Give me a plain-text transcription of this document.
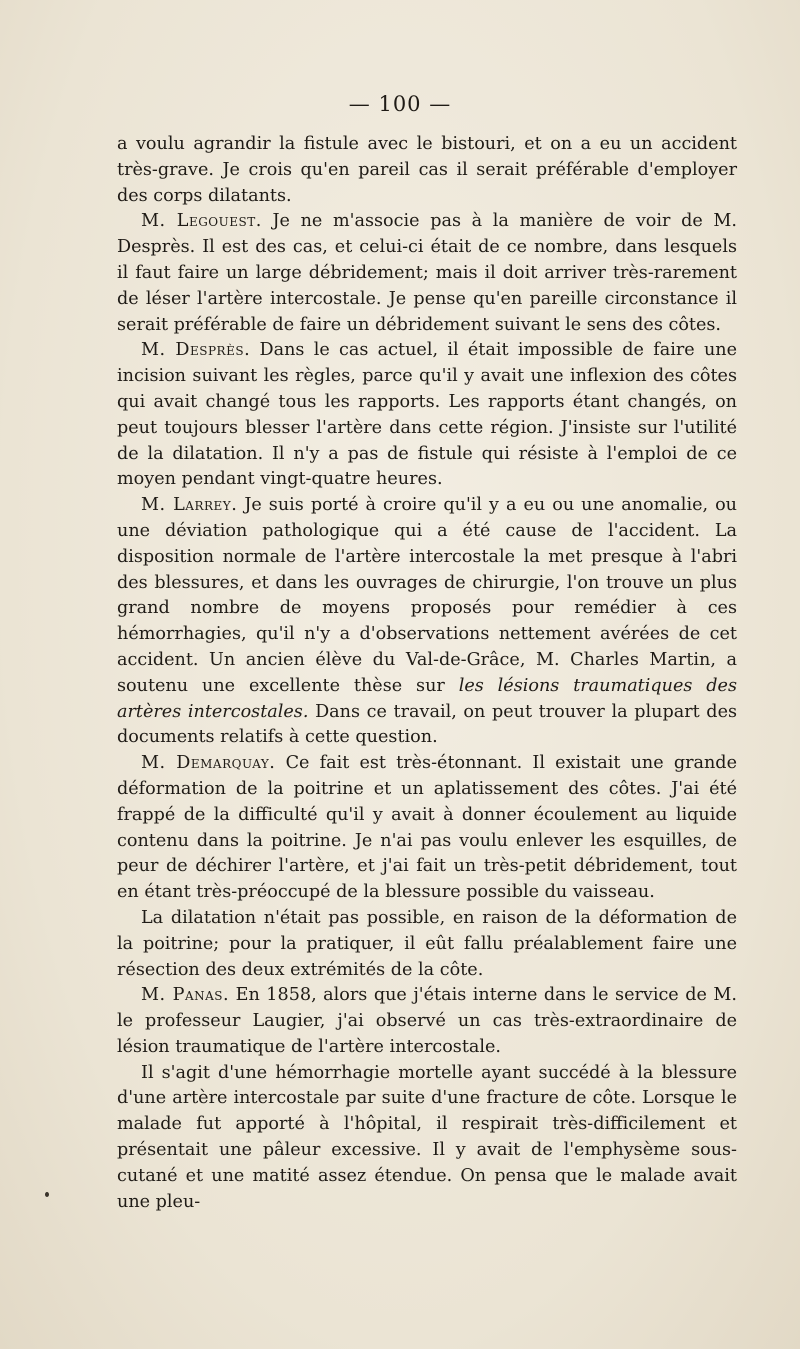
— 100 —

a voulu agrandir la fistule avec le bistouri, et on a eu un accident très-grave. Je crois qu'en pareil cas il serait préférable d'employer des corps dilatants.

M. Legouest. Je ne m'associe pas à la manière de voir de M. Desprès. Il est des cas, et celui-ci était de ce nombre, dans lesquels il faut faire un large débridement; mais il doit arriver très-rarement de léser l'artère intercostale. Je pense qu'en pareille circonstance il serait préférable de faire un débridement suivant le sens des côtes.

M. Desprès. Dans le cas actuel, il était impossible de faire une incision suivant les règles, parce qu'il y avait une inflexion des côtes qui avait changé tous les rapports. Les rapports étant changés, on peut toujours blesser l'artère dans cette région. J'insiste sur l'utilité de la dilatation. Il n'y a pas de fistule qui résiste à l'emploi de ce moyen pendant vingt-quatre heures.

M. Larrey. Je suis porté à croire qu'il y a eu ou une anomalie, ou une déviation pathologique qui a été cause de l'accident. La disposition normale de l'artère intercostale la met presque à l'abri des blessures, et dans les ouvrages de chirurgie, l'on trouve un plus grand nombre de moyens proposés pour remédier à ces hémorrhagies, qu'il n'y a d'observations nettement avérées de cet accident. Un ancien élève du Val-de-Grâce, M. Charles Martin, a soutenu une excellente thèse sur les lésions traumatiques des artères intercostales. Dans ce travail, on peut trouver la plupart des documents relatifs à cette question.

M. Demarquay. Ce fait est très-étonnant. Il existait une grande déformation de la poitrine et un aplatissement des côtes. J'ai été frappé de la difficulté qu'il y avait à donner écoulement au liquide contenu dans la poitrine. Je n'ai pas voulu enlever les esquilles, de peur de déchirer l'artère, et j'ai fait un très-petit débridement, tout en étant très-préoccupé de la blessure possible du vaisseau.

La dilatation n'était pas possible, en raison de la déformation de la poitrine; pour la pratiquer, il eût fallu préalablement faire une résection des deux extrémités de la côte.

M. Panas. En 1858, alors que j'étais interne dans le service de M. le professeur Laugier, j'ai observé un cas très-extraordinaire de lésion traumatique de l'artère intercostale.

Il s'agit d'une hémorrhagie mortelle ayant succédé à la blessure d'une artère intercostale par suite d'une fracture de côte. Lorsque le malade fut apporté à l'hôpital, il respirait très-difficilement et présentait une pâleur excessive. Il y avait de l'emphysème sous-cutané et une matité assez étendue. On pensa que le malade avait une pleu-
